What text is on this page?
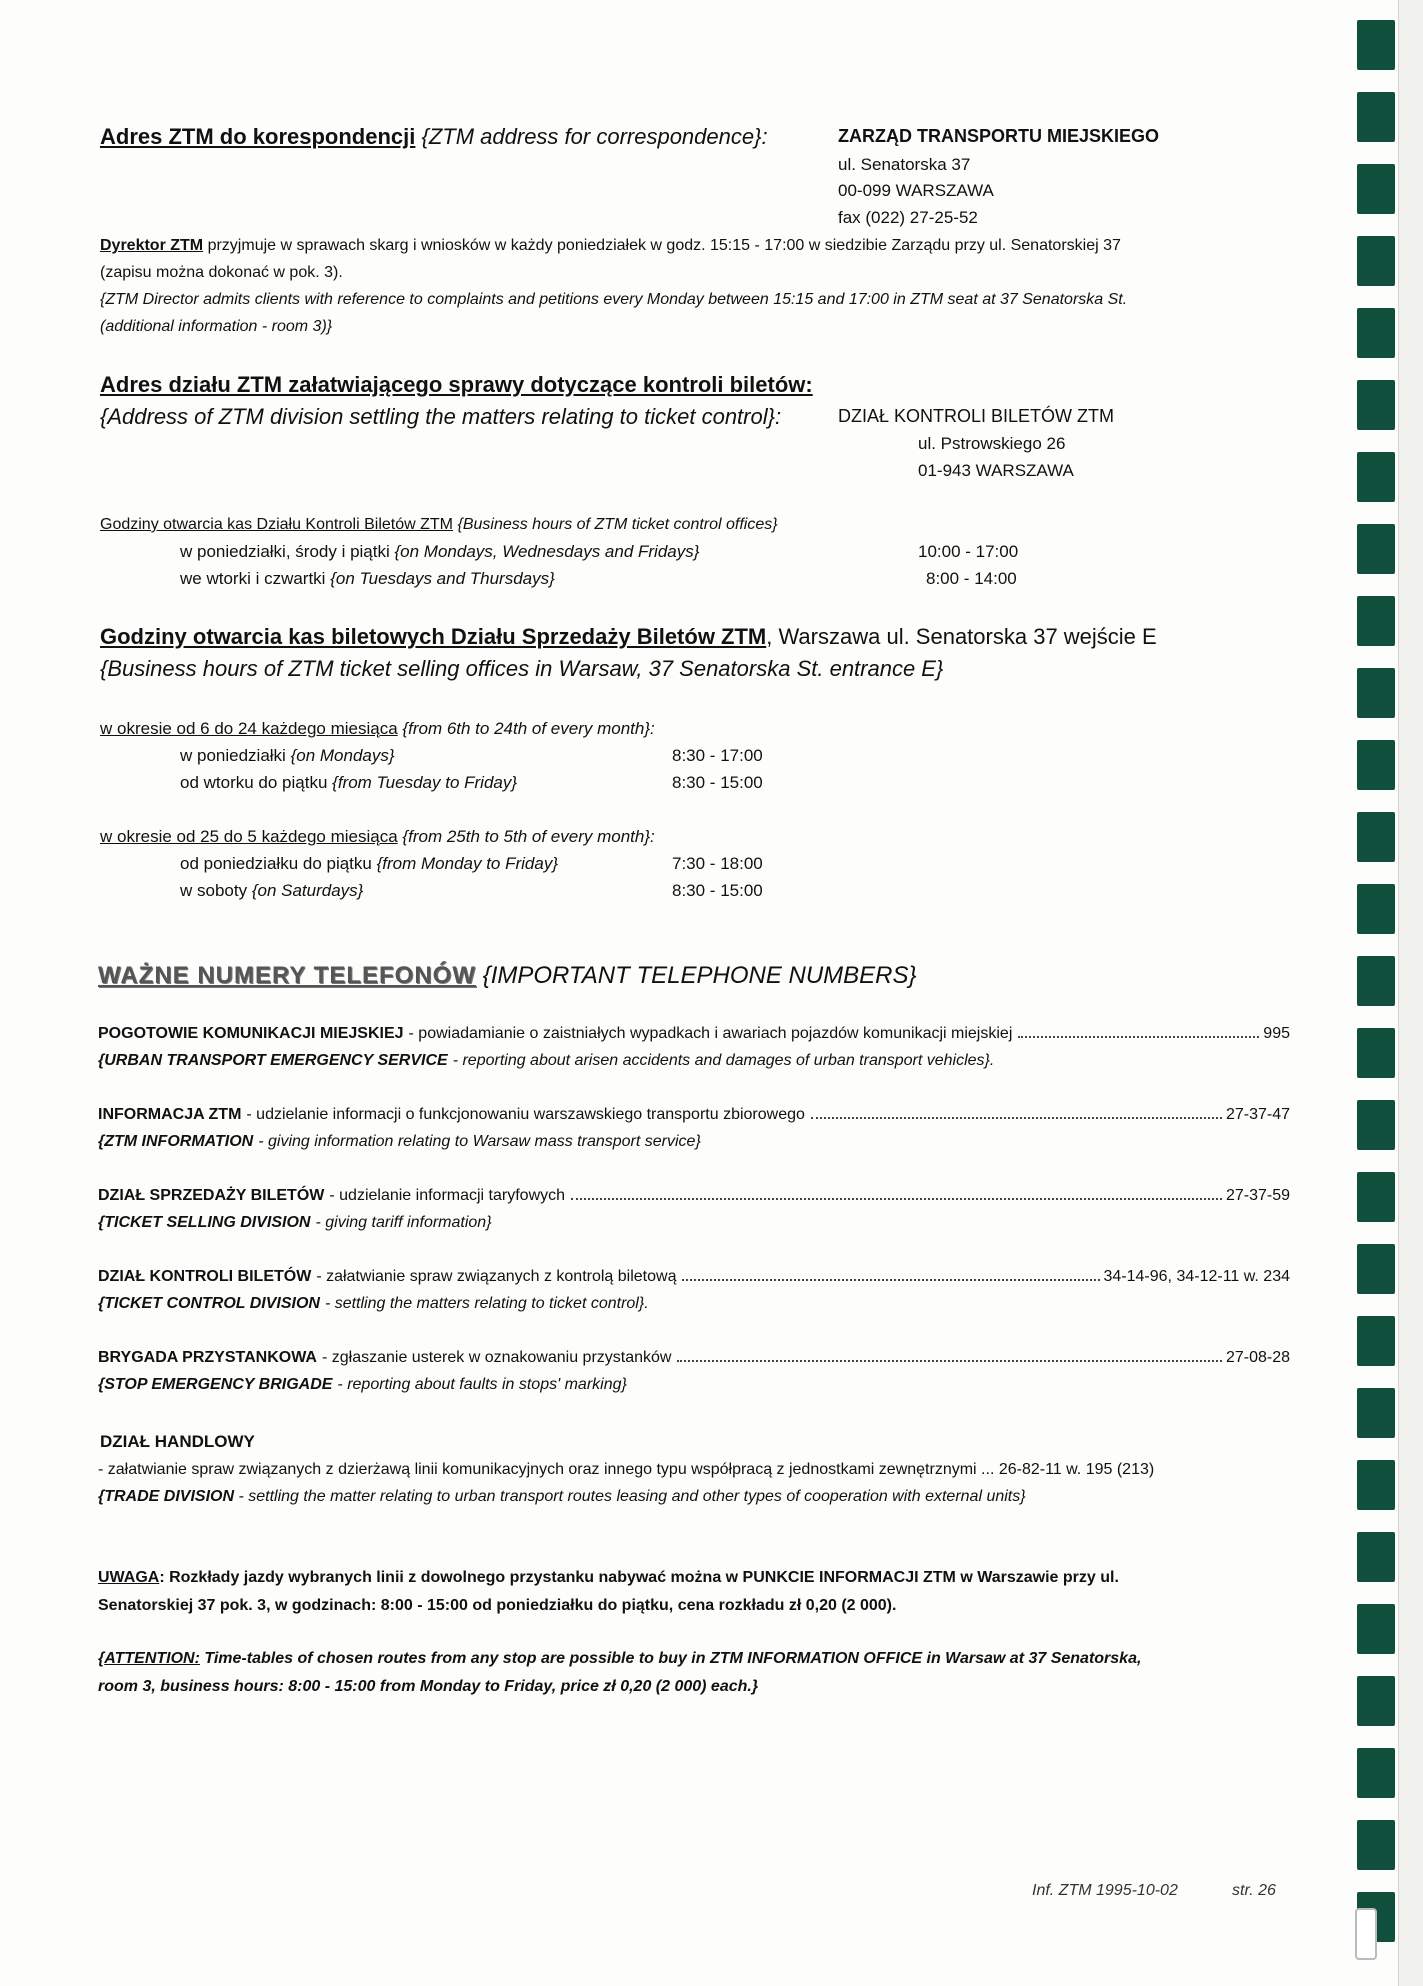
Adres ZTM do korespondencji {ZTM address for correspondence}:	ZARZĄD TRANSPORTU MIEJSKIEGO
ul. Senatorska 37
00-099 WARSZAWA
fax (022) 27-25-52
Dyrektor ZTM przyjmuje w sprawach skarg i wniosków w każdy poniedziałek w godz. 15:15 - 17:00 w siedzibie Zarządu przy ul. Senatorskiej 37
(zapisu można dokonać w pok. 3).
{ZTM Director admits clients with reference to complaints and petitions every Monday between 15:15 and 17:00 in ZTM seat at 37 Senatorska St.
(additional information - room 3)}
Adres działu ZTM załatwiającego sprawy dotyczące kontroli biletów:
{Address of ZTM division settling the matters relating to ticket control}:	DZIAŁ KONTROLI BILETÓW ZTM
ul. Pstrowskiego 26
01-943 WARSZAWA
Godziny otwarcia kas Działu Kontroli Biletów ZTM {Business hours of ZTM ticket control offices}
w poniedziałki, środy i piątki {on Mondays, Wednesdays and Fridays}	10:00 - 17:00
we wtorki i czwartki {on Tuesdays and Thursdays}	8:00 - 14:00
Godziny otwarcia kas biletowych Działu Sprzedaży Biletów ZTM, Warszawa ul. Senatorska 37 wejście E
{Business hours of ZTM ticket selling offices in Warsaw, 37 Senatorska St. entrance E}
w okresie od 6 do 24 każdego miesiąca {from 6th to 24th of every month}:
w poniedziałki {on Mondays}	8:30 - 17:00
od wtorku do piątku {from Tuesday to Friday}	8:30 - 15:00
w okresie od 25 do 5 każdego miesiąca {from 25th to 5th of every month}:
od poniedziałku do piątku {from Monday to Friday}	7:30 - 18:00
w soboty {on Saturdays}	8:30 - 15:00
WAŻNE NUMERY TELEFONÓW {IMPORTANT TELEPHONE NUMBERS}
POGOTOWIE KOMUNIKACJI MIEJSKIEJ - powiadamianie o zaistniałych wypadkach i awariach pojazdów komunikacji miejskiej	995
{URBAN TRANSPORT EMERGENCY SERVICE - reporting about arisen accidents and damages of urban transport vehicles}.
INFORMACJA ZTM - udzielanie informacji o funkcjonowaniu warszawskiego transportu zbiorowego	27-37-47
{ZTM INFORMATION - giving information relating to Warsaw mass transport service}
DZIAŁ SPRZEDAŻY BILETÓW - udzielanie informacji taryfowych	27-37-59
{TICKET SELLING DIVISION - giving tariff information}
DZIAŁ KONTROLI BILETÓW - załatwianie spraw związanych z kontrolą biletową	34-14-96, 34-12-11 w. 234
{TICKET CONTROL DIVISION - settling the matters relating to ticket control}.
BRYGADA PRZYSTANKOWA - zgłaszanie usterek w oznakowaniu przystanków	27-08-28
{STOP EMERGENCY BRIGADE - reporting about faults in stops' marking}
DZIAŁ HANDLOWY
- załatwianie spraw związanych z dzierżawą linii komunikacyjnych oraz innego typu współpracą z jednostkami zewnętrznymi ... 26-82-11 w. 195 (213)
{TRADE DIVISION - settling the matter relating to urban transport routes leasing and other types of cooperation with external units}
UWAGA: Rozkłady jazdy wybranych linii z dowolnego przystanku nabywać można w PUNKCIE INFORMACJI ZTM w Warszawie przy ul.
Senatorskiej 37 pok. 3, w godzinach: 8:00 - 15:00 od poniedziałku do piątku, cena rozkładu zł 0,20 (2 000).
{ATTENTION: Time-tables of chosen routes from any stop are possible to buy in ZTM INFORMATION OFFICE in Warsaw at 37 Senatorska,
room 3, business hours: 8:00 - 15:00 from Monday to Friday, price zł 0,20 (2 000) each.}
Inf. ZTM 1995-10-02	str. 26
